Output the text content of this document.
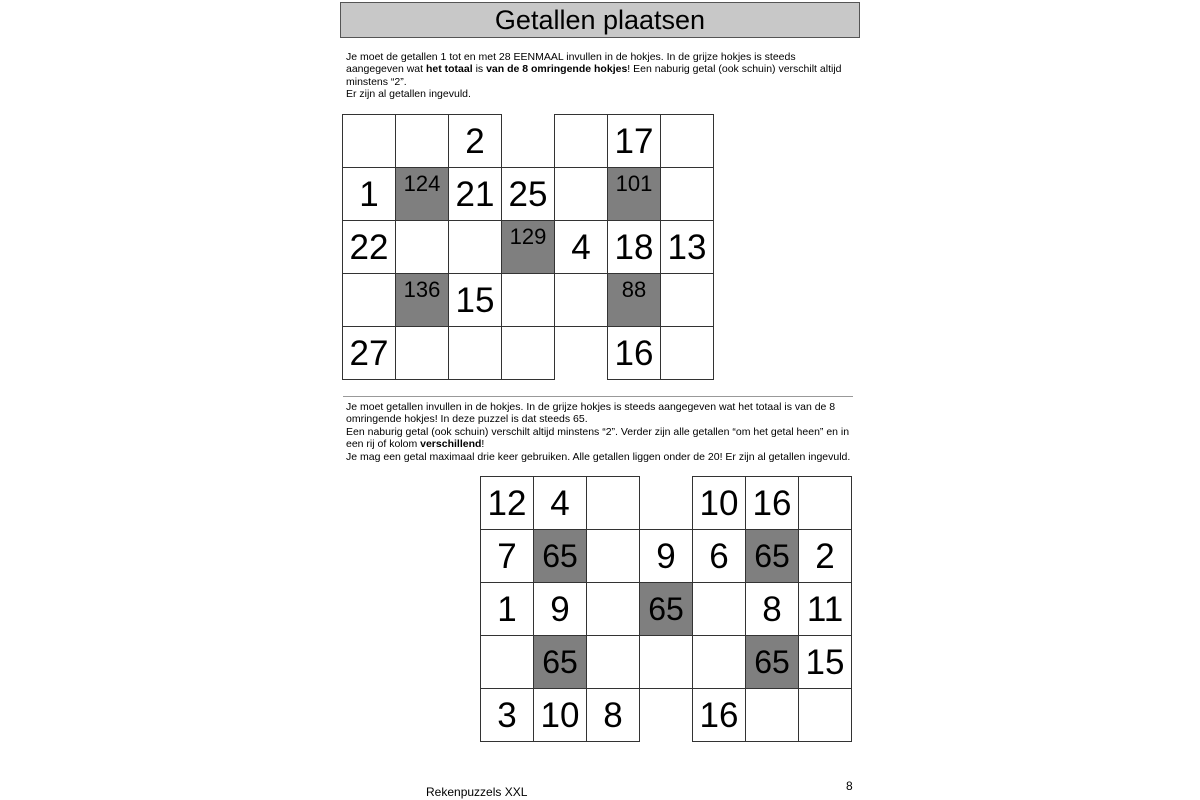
Getallen plaatsen

Je moet de getallen 1 tot en met 28 EENMAAL invullen in de hokjes. In de grijze hokjes is steeds aangegeven wat het totaal is van de 8 omringende hokjes! Een naburig getal (ook schuin) verschilt altijd minstens “2”.
Er zijn al getallen ingevuld.

		2			17	
1	124	21	25		101	
22			129	4	18	13
	136	15			88	
27					16	

Je moet getallen invullen in de hokjes. In de grijze hokjes is steeds aangegeven wat het totaal is van de 8 omringende hokjes! In deze puzzel is dat steeds 65.
Een naburig getal (ook schuin) verschilt altijd minstens “2”. Verder zijn alle getallen “om het getal heen” en in een rij of kolom verschillend!
Je mag een getal maximaal drie keer gebruiken. Alle getallen liggen onder de 20! Er zijn al getallen ingevuld.

12	4			10	16	
7	65		9	6	65	2
1	9		65		8	11
	65				65	15
3	10	8		16		
Rekenpuzzels XXL	8
